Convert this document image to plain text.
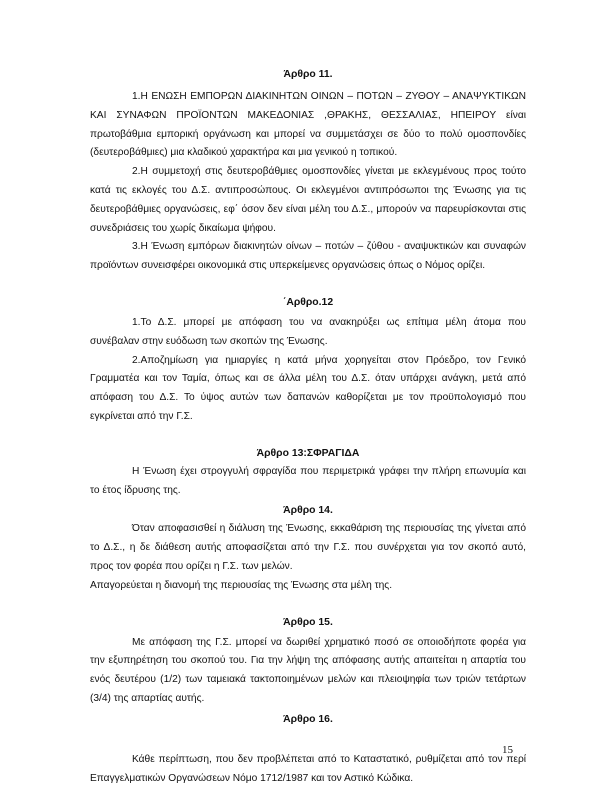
Άρθρο 11.

1.Η ΕΝΩΣΗ ΕΜΠΟΡΩΝ ΔΙΑΚΙΝΗΤΩΝ ΟΙΝΩΝ – ΠΟΤΩΝ – ΖΥΘΟΥ – ΑΝΑΨΥΚΤΙΚΩΝ ΚΑΙ ΣΥΝΑΦΩΝ ΠΡΟΪΟΝΤΩΝ ΜΑΚΕΔΟΝΙΑΣ ,ΘΡΑΚΗΣ, ΘΕΣΣΑΛΙΑΣ, ΗΠΕΙΡΟΥ είναι πρωτοβάθμια εμπορική οργάνωση και μπορεί να συμμετάσχει σε δύο το πολύ ομοσπονδίες (δευτεροβάθμιες) μια κλαδικού χαρακτήρα και μια γενικού η τοπικού.

2.Η συμμετοχή στις δευτεροβάθμιες ομοσπονδίες γίνεται με εκλεγμένους προς τούτο κατά τις εκλογές του Δ.Σ. αντιπροσώπους. Οι εκλεγμένοι αντιπρόσωποι της Ένωσης για τις δευτεροβάθμιες οργανώσεις, εφ΄ όσον δεν είναι μέλη του Δ.Σ., μπορούν να παρευρίσκονται στις συνεδριάσεις του χωρίς δικαίωμα ψήφου.

3.Η Ένωση εμπόρων διακινητών οίνων – ποτών – ζύθου - αναψυκτικών και συναφών προϊόντων συνεισφέρει οικονομικά στις υπερκείμενες οργανώσεις όπως ο Νόμος ορίζει.

΄Αρθρο.12

1.Το Δ.Σ. μπορεί με απόφαση του να ανακηρύξει ως επίτιμα μέλη άτομα που συνέβαλαν στην ευόδωση των σκοπών της Ένωσης.

2.Αποζημίωση για ημιαργίες η κατά μήνα χορηγείται στον Πρόεδρο, τον Γενικό Γραμματέα και τον Ταμία, όπως και σε άλλα μέλη του Δ.Σ. όταν υπάρχει ανάγκη, μετά από απόφαση του Δ.Σ. Το ύψος αυτών των δαπανών καθορίζεται με τον προϋπολογισμό που εγκρίνεται από την Γ.Σ.

Άρθρο 13:ΣΦΡΑΓΙΔΑ

Η Ένωση έχει στρογγυλή σφραγίδα που περιμετρικά γράφει την πλήρη επωνυμία και το έτος ίδρυσης της.

Άρθρο 14.

Όταν αποφασισθεί η διάλυση της Ένωσης, εκκαθάριση της περιουσίας της γίνεται από το Δ.Σ., η δε διάθεση αυτής αποφασίζεται από την Γ.Σ. που συνέρχεται για τον σκοπό αυτό, προς τον φορέα που ορίζει η Γ.Σ. των μελών.

Απαγορεύεται η διανομή της περιουσίας της Ένωσης στα μέλη της.

Άρθρο 15.

Με απόφαση της Γ.Σ. μπορεί να δωριθεί χρηματικό ποσό σε οποιοδήποτε φορέα για την εξυπηρέτηση του σκοπού του. Για την λήψη της απόφασης αυτής απαιτείται η απαρτία του ενός δευτέρου (1/2) των ταμειακά τακτοποιημένων μελών και πλειοψηφία των τριών τετάρτων (3/4) της απαρτίας αυτής.

Άρθρο 16.

Κάθε περίπτωση, που δεν προβλέπεται από το Καταστατικό, ρυθμίζεται από τον περί Επαγγελματικών Οργανώσεων Νόμο 1712/1987 και τον Αστικό Κώδικα.

15
